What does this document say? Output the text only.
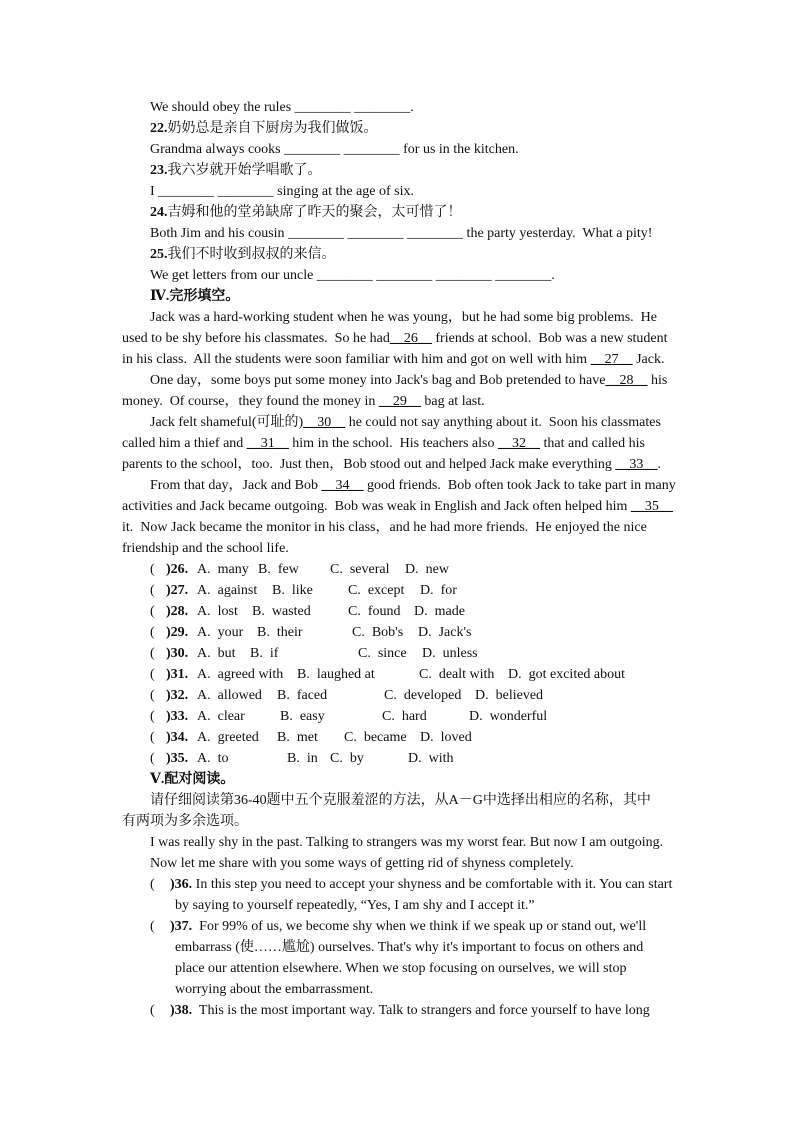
We should obey the rules ________ ________.
22.奶奶总是亲自下厨房为我们做饭。
Grandma always cooks ________ ________ for us in the kitchen.
23.我六岁就开始学唱歌了。
I ________ ________ singing at the age of six.
24.吉姆和他的堂弟缺席了昨天的聚会，太可惜了！
Both Jim and his cousin ________ ________ ________ the party yesterday.  What a pity!
25.我们不时收到叔叔的来信。
We get letters from our uncle ________ ________ ________ ________.
Ⅳ.完形填空。
Jack was a hard-working student when he was young，but he had some big problems.  He
used to be shy before his classmates.  So he had__26__ friends at school.  Bob was a new student
in his class.  All the students were soon familiar with him and got on well with him __27__ Jack.
One day，some boys put some money into Jack's bag and Bob pretended to have__28__ his
money.  Of course，they found the money in __29__ bag at last.
Jack felt shameful(可耻的)__30__ he could not say anything about it.  Soon his classmates
called him a thief and __31__ him in the school.  His teachers also __32__ that and called his
parents to the school，too.  Just then，Bob stood out and helped Jack make everything __33__.
From that day，Jack and Bob __34__ good friends.  Bob often took Jack to take part in many
activities and Jack became outgoing.  Bob was weak in English and Jack often helped him __35__
it.  Now Jack became the monitor in his class，and he had more friends.  He enjoyed the nice
friendship and the school life.
( )26. A.  many B.  few C.  several D.  new
( )27. A.  against B.  like	C.  except D.  for
( )28. A.  lost B.  wasted	C.  found D.  made
( )29. A.  your B.  their	C.  Bob's D.  Jack's
( )30. A.  but B.  if	C.  since D.  unless
( )31. A.  agreed with B.  laughed at	C.  dealt with D.  got excited about
( )32. A.  allowed B.  faced	C.  developed D.  believed
( )33. A.  clear	B.  easy	C.  hard	D.  wonderful
( )34. A.  greeted B.  met C.  became D.  loved
( )35. A.  to	B.  in C.  by	D.  with
Ⅴ.配对阅读。
请仔细阅读第36-40题中五个克服羞涩的方法，从A－G中选择出相应的名称，其中
有两项为多余选项。
I was really shy in the past. Talking to strangers was my worst fear. But now I am outgoing.
Now let me share with you some ways of getting rid of shyness completely.
( )36. In this step you need to accept your shyness and be comfortable with it. You can start
by saying to yourself repeatedly, “Yes, I am shy and I accept it.”
( )37.  For 99% of us, we become shy when we think if we speak up or stand out, we'll
embarrass (使……尴尬) ourselves. That's why it's important to focus on others and
place our attention elsewhere. When we stop focusing on ourselves, we will stop
worrying about the embarrassment.
( )38.  This is the most important way. Talk to strangers and force yourself to have long
